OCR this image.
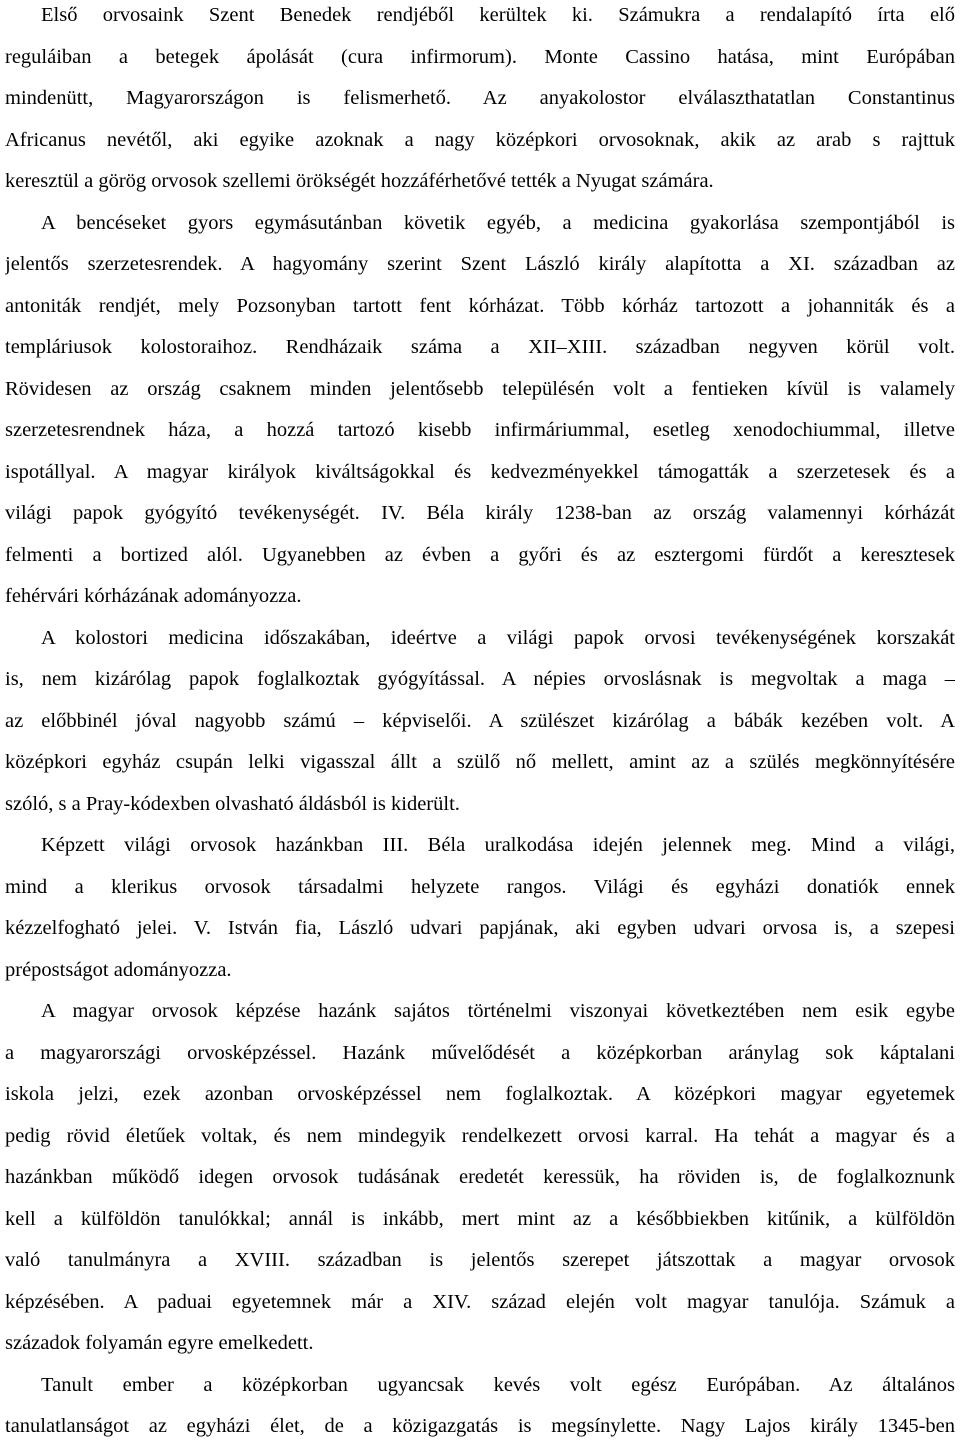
Első orvosaink Szent Benedek rendjéből kerültek ki. Számukra a rendalapító írta elő
reguláiban a betegek ápolását (cura infirmorum). Monte Cassino hatása, mint Európában
mindenütt, Magyarországon is felismerhető. Az anyakolostor elválaszthatatlan Constantinus
Africanus nevétől, aki egyike azoknak a nagy középkori orvosoknak, akik az arab s rajttuk
keresztül a görög orvosok szellemi örökségét hozzáférhetővé tették a Nyugat számára.
A bencéseket gyors egymásutánban követik egyéb, a medicina gyakorlása szempontjából is
jelentős szerzetesrendek. A hagyomány szerint Szent László király alapította a XI. században az
antoniták rendjét, mely Pozsonyban tartott fent kórházat. Több kórház tartozott a johanniták és a
templáriusok kolostoraihoz. Rendházaik száma a XII–XIII. században negyven körül volt.
Rövidesen az ország csaknem minden jelentősebb településén volt a fentieken kívül is valamely
szerzetesrendnek háza, a hozzá tartozó kisebb infirmáriummal, esetleg xenodochiummal, illetve
ispotállyal. A magyar királyok kiváltságokkal és kedvezményekkel támogatták a szerzetesek és a
világi papok gyógyító tevékenységét. IV. Béla király 1238-ban az ország valamennyi kórházát
felmenti a bortized alól. Ugyanebben az évben a győri és az esztergomi fürdőt a keresztesek
fehérvári kórházának adományozza.
A kolostori medicina időszakában, ideértve a világi papok orvosi tevékenységének korszakát
is, nem kizárólag papok foglalkoztak gyógyítással. A népies orvoslásnak is megvoltak a maga –
az előbbinél jóval nagyobb számú – képviselői. A szülészet kizárólag a bábák kezében volt. A
középkori egyház csupán lelki vigasszal állt a szülő nő mellett, amint az a szülés megkönnyítésére
szóló, s a Pray-kódexben olvasható áldásból is kiderült.
Képzett világi orvosok hazánkban III. Béla uralkodása idején jelennek meg. Mind a világi,
mind a klerikus orvosok társadalmi helyzete rangos. Világi és egyházi donatiók ennek
kézzelfogható jelei. V. István fia, László udvari papjának, aki egyben udvari orvosa is, a szepesi
prépostságot adományozza.
A magyar orvosok képzése hazánk sajátos történelmi viszonyai következtében nem esik egybe
a magyarországi orvosképzéssel. Hazánk művelődését a középkorban aránylag sok káptalani
iskola jelzi, ezek azonban orvosképzéssel nem foglalkoztak. A középkori magyar egyetemek
pedig rövid életűek voltak, és nem mindegyik rendelkezett orvosi karral. Ha tehát a magyar és a
hazánkban működő idegen orvosok tudásának eredetét keressük, ha röviden is, de foglalkoznunk
kell a külföldön tanulókkal; annál is inkább, mert mint az a későbbiekben kitűnik, a külföldön
való tanulmányra a XVIII. században is jelentős szerepet játszottak a magyar orvosok
képzésében. A paduai egyetemnek már a XIV. század elején volt magyar tanulója. Számuk a
századok folyamán egyre emelkedett.
Tanult ember a középkorban ugyancsak kevés volt egész Európában. Az általános
tanulatlanságot az egyházi élet, de a közigazgatás is megsínylette. Nagy Lajos király 1345-ben
